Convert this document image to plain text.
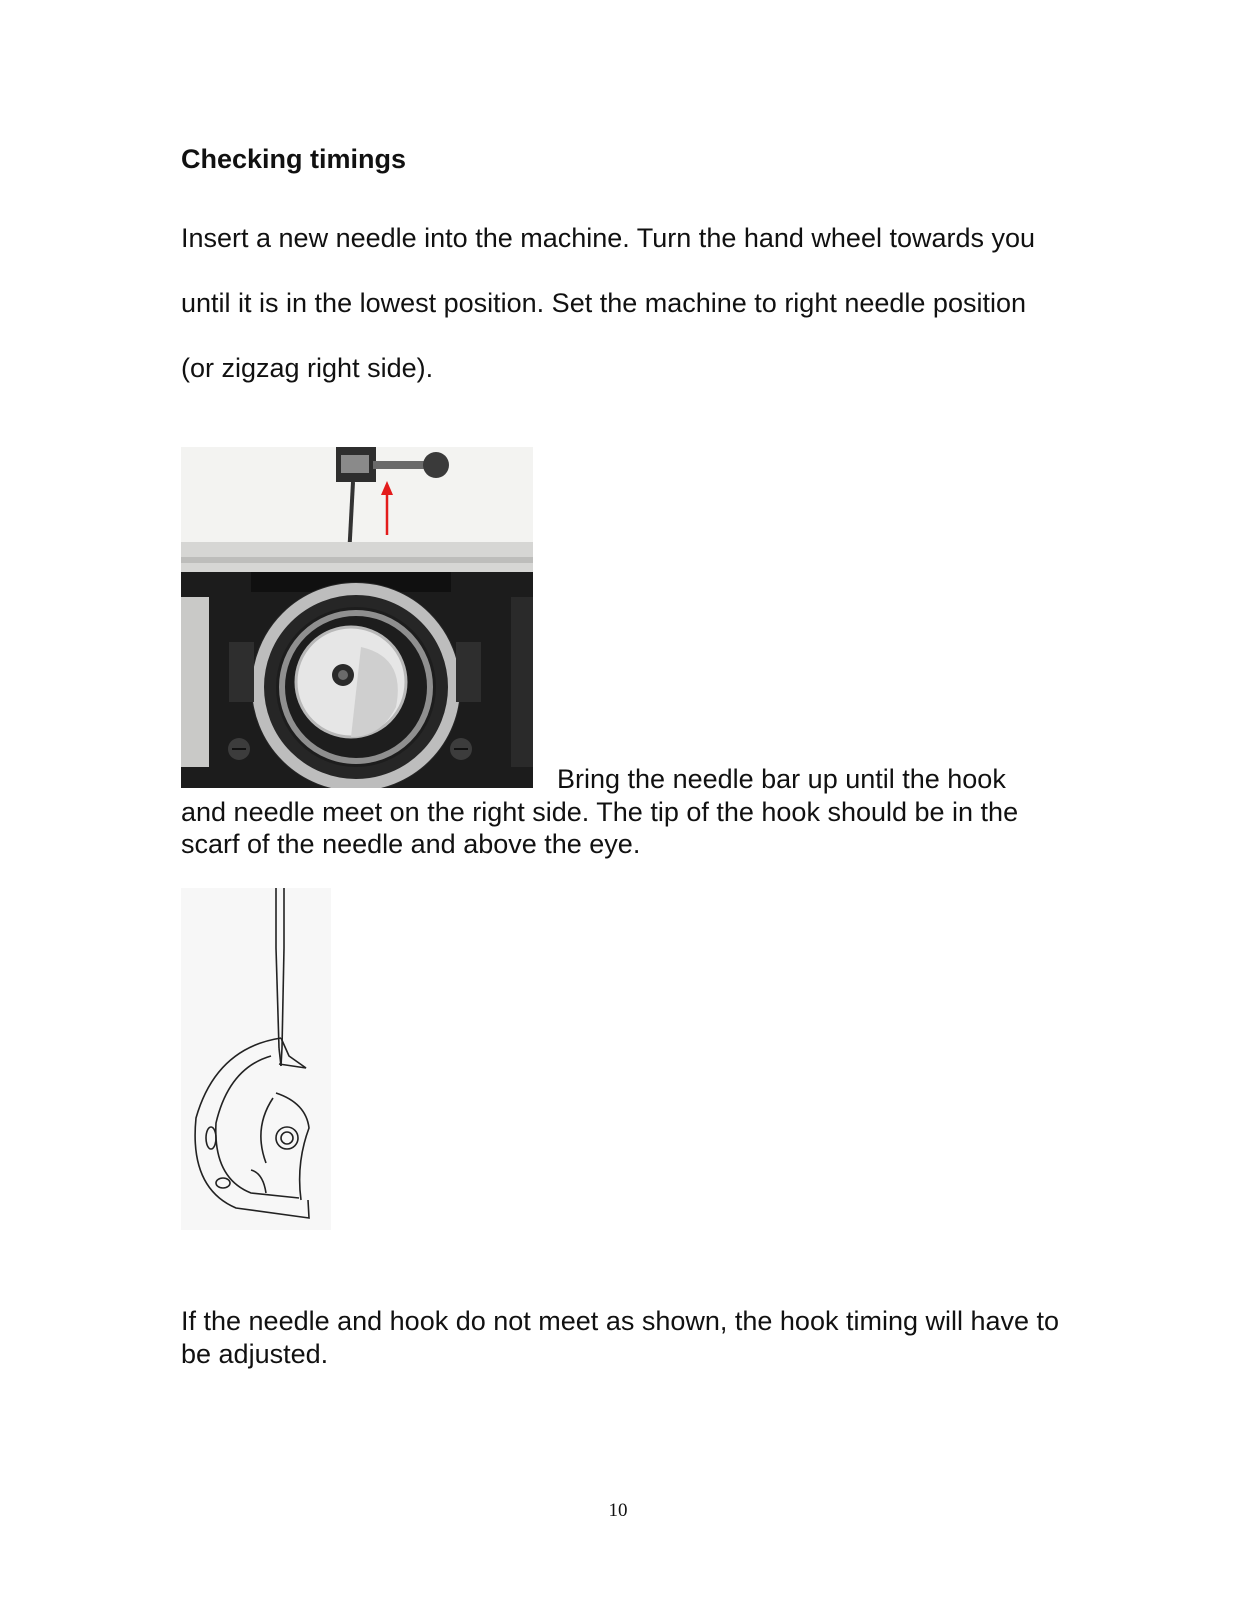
Checking timings

Insert a new needle into the machine. Turn the hand wheel towards you until it is in the lowest position. Set the machine to right needle position (or zigzag right side).

Bring the needle bar up until the hook
and needle meet on the right side. The tip of the hook should be in the scarf of the needle and above the eye.

If the needle and hook do not meet as shown, the hook timing will have to be adjusted.

10
